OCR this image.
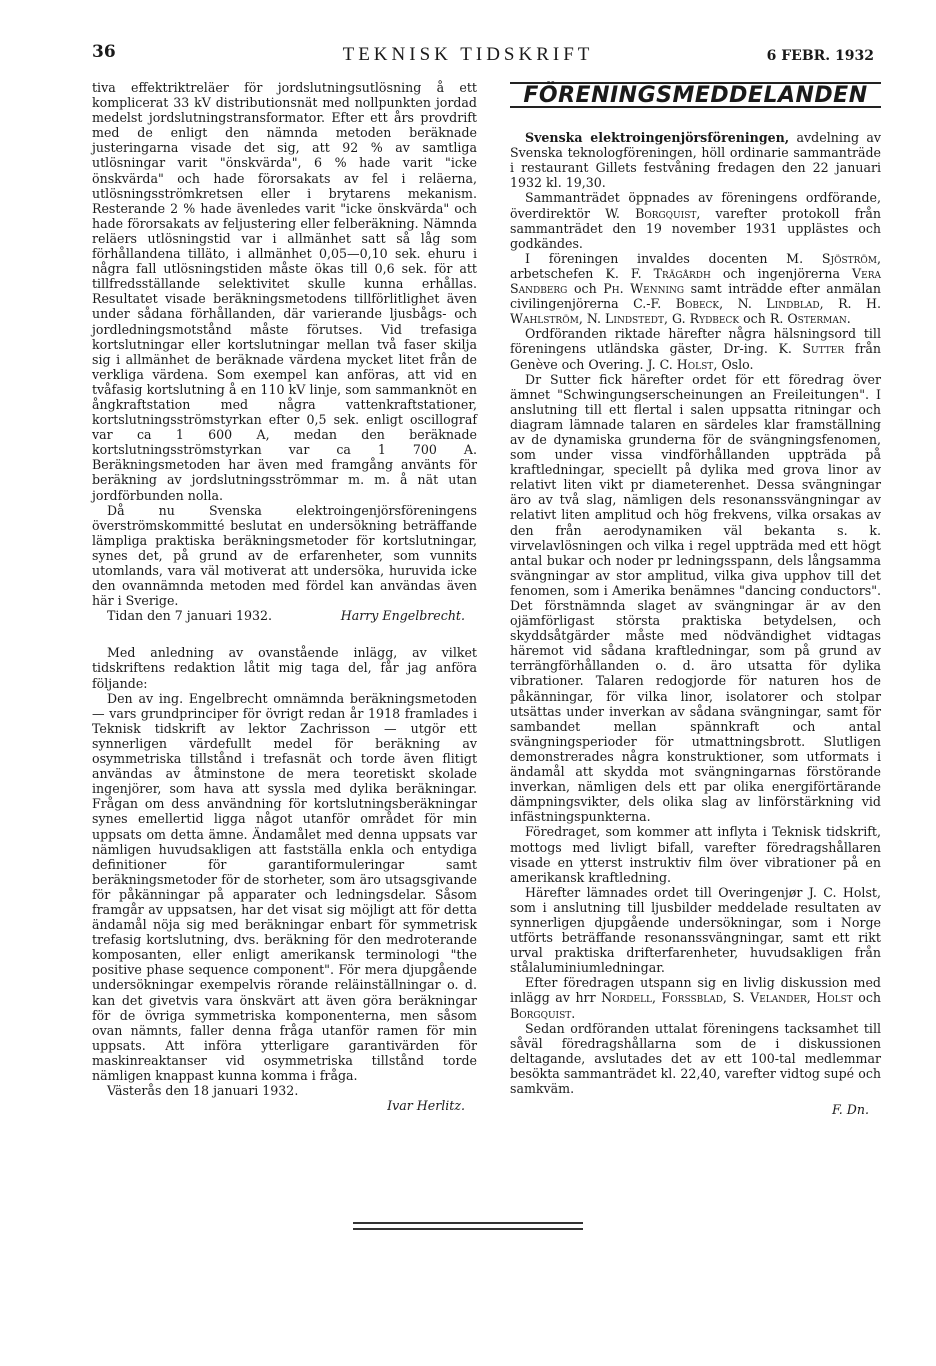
36	TEKNISK TIDSKRIFT	6 FEBR. 1932

tiva effektriktreläer för jordslutningsutlösning å ett komplicerat 33 kV distributionsnät med nollpunkten jordad medelst jordslutningstransformator. Efter ett års provdrift med de enligt den nämnda metoden beräknade justeringarna visade det sig, att 92 % av samtliga utlösningar varit "önskvärda", 6 % hade varit "icke önskvärda" och hade förorsakats av fel i reläerna, utlösningsströmkretsen eller i brytarens mekanism. Resterande 2 % hade ävenledes varit "icke önskvärda" och hade förorsakats av feljustering eller felberäkning. Nämnda reläers utlösningstid var i allmänhet satt så låg som förhållandena tilläto, i allmänhet 0,05—0,10 sek. ehuru i några fall utlösningstiden måste ökas till 0,6 sek. för att tillfredsställande selektivitet skulle kunna erhållas. Resultatet visade beräkningsmetodens tillförlitlighet även under sådana förhållanden, där varierande ljusbågs- och jordledningsmotstånd måste förutses. Vid trefasiga kortslutningar eller kortslutningar mellan två faser skilja sig i allmänhet de beräknade värdena mycket litet från de verkliga värdena. Som exempel kan anföras, att vid en tvåfasig kortslutning å en 110 kV linje, som sammanknöt en ångkraftstation med några vattenkraftstationer, kortslutningsströmstyrkan efter 0,5 sek. enligt oscillograf var ca 1 600 A, medan den beräknade kortslutningsströmstyrkan var ca 1 700 A. Beräkningsmetoden har även med framgång använts för beräkning av jordslutningsströmmar m. m. å nät utan jordförbunden nolla.

Då nu Svenska elektroingenjörsföreningens överströmskommitté beslutat en undersökning beträffande lämpliga praktiska beräkningsmetoder för kortslutningar, synes det, på grund av de erfarenheter, som vunnits utomlands, vara väl motiverat att undersöka, huruvida icke den ovannämnda metoden med fördel kan användas även här i Sverige.

Tidan den 7 januari 1932.	Harry Engelbrecht.

Med anledning av ovanstående inlägg, av vilket tidskriftens redaktion låtit mig taga del, får jag anföra följande:

Den av ing. Engelbrecht omnämnda beräkningsmetoden — vars grundprinciper för övrigt redan år 1918 framlades i Teknisk tidskrift av lektor Zachrisson — utgör ett synnerligen värdefullt medel för beräkning av osymmetriska tillstånd i trefasnät och torde även flitigt användas av åtminstone de mera teoretiskt skolade ingenjörer, som hava att syssla med dylika beräkningar. Frågan om dess användning för kortslutningsberäkningar synes emellertid ligga något utanför området för min uppsats om detta ämne. Ändamålet med denna uppsats var nämligen huvudsakligen att fastställa enkla och entydiga definitioner för garantiformuleringar samt beräkningsmetoder för de storheter, som äro utsagsgivande för påkänningar på apparater och ledningsdelar. Såsom framgår av uppsatsen, har det visat sig möjligt att för detta ändamål nöja sig med beräkningar enbart för symmetrisk trefasig kortslutning, dvs. beräkning för den medroterande komposanten, eller enligt amerikansk terminologi "the positive phase sequence component". För mera djupgående undersökningar exempelvis rörande reläinställningar o. d. kan det givetvis vara önskvärt att även göra beräkningar för de övriga symmetriska komponenterna, men såsom ovan nämnts, faller denna fråga utanför ramen för min uppsats. Att införa ytterligare garantivärden för maskinreaktanser vid osymmetriska tillstånd torde nämligen knappast kunna komma i fråga.

Västerås den 18 januari 1932.

Ivar Herlitz.

FÖRENINGSMEDDELANDEN

Svenska elektroingenjörsföreningen, avdelning av Svenska teknologföreningen, höll ordinarie sammanträde i restaurant Gillets festvåning fredagen den 22 januari 1932 kl. 19,30.

Sammanträdet öppnades av föreningens ordförande, överdirektör W. Borgquist, varefter protokoll från sammanträdet den 19 november 1931 upplästes och godkändes.

I föreningen invaldes docenten M. Sjöström, arbetschefen K. F. Trägårdh och ingenjörerna Vera Sandberg och Ph. Wenning samt inträdde efter anmälan civilingenjörerna C.-F. Bobeck, N. Lindblad, R. H. Wahlström, N. Lindstedt, G. Rydbeck och R. Osterman.

Ordföranden riktade härefter några hälsningsord till föreningens utländska gäster, Dr-ing. K. Sutter från Genève och Overing. J. C. Holst, Oslo.

Dr Sutter fick härefter ordet för ett föredrag över ämnet "Schwingungserscheinungen an Freileitungen". I anslutning till ett flertal i salen uppsatta ritningar och diagram lämnade talaren en särdeles klar framställning av de dynamiska grunderna för de svängningsfenomen, som under vissa vindförhållanden uppträda på kraftledningar, speciellt på dylika med grova linor av relativt liten vikt pr diameterenhet. Dessa svängningar äro av två slag, nämligen dels resonanssvängningar av relativt liten amplitud och hög frekvens, vilka orsakas av den från aerodynamiken väl bekanta s. k. virvelavlösningen och vilka i regel uppträda med ett högt antal bukar och noder pr ledningsspann, dels långsamma svängningar av stor amplitud, vilka giva upphov till det fenomen, som i Amerika benämnes "dancing conductors". Det förstnämnda slaget av svängningar är av den ojämförligast största praktiska betydelsen, och skyddsåtgärder måste med nödvändighet vidtagas häremot vid sådana kraftledningar, som på grund av terrängförhållanden o. d. äro utsatta för dylika vibrationer. Talaren redogjorde för naturen hos de påkänningar, för vilka linor, isolatorer och stolpar utsättas under inverkan av sådana svängningar, samt för sambandet mellan spännkraft och antal svängningsperioder för utmattningsbrott. Slutligen demonstrerades några konstruktioner, som utformats i ändamål att skydda mot svängningarnas förstörande inverkan, nämligen dels ett par olika energiförtärande dämpningsvikter, dels olika slag av linförstärkning vid infästningspunkterna.

Föredraget, som kommer att inflyta i Teknisk tidskrift, mottogs med livligt bifall, varefter föredragshållaren visade en ytterst instruktiv film över vibrationer på en amerikansk kraftledning.

Härefter lämnades ordet till Overingenjør J. C. Holst, som i anslutning till ljusbilder meddelade resultaten av synnerligen djupgående undersökningar, som i Norge utförts beträffande resonanssvängningar, samt ett rikt urval praktiska drifterfarenheter, huvudsakligen från stålaluminiumledningar.

Efter föredragen utspann sig en livlig diskussion med inlägg av hrr Nordell, Forssblad, S. Velander, Holst och Borgquist.

Sedan ordföranden uttalat föreningens tacksamhet till såväl föredragshållarna som de i diskussionen deltagande, avslutades det av ett 100-tal medlemmar besökta sammanträdet kl. 22,40, varefter vidtog supé och samkväm.

F. Dn.
